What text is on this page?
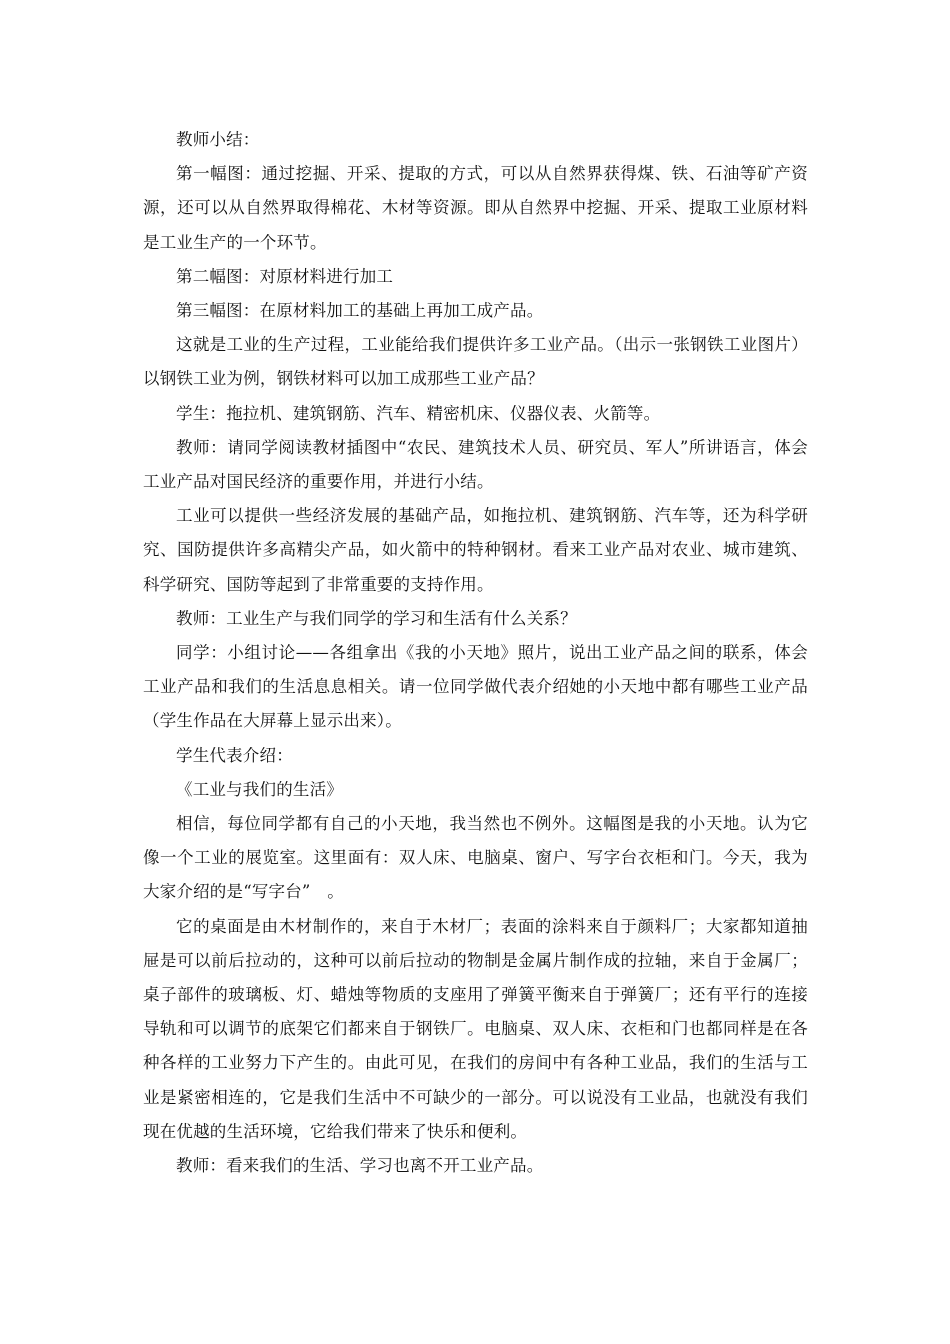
教师小结：

第一幅图：通过挖掘、开采、提取的方式，可以从自然界获得煤、铁、石油等矿产资源，还可以从自然界取得棉花、木材等资源。即从自然界中挖掘、开采、提取工业原材料是工业生产的一个环节。

第二幅图：对原材料进行加工

第三幅图：在原材料加工的基础上再加工成产品。

这就是工业的生产过程，工业能给我们提供许多工业产品。（出示一张钢铁工业图片）以钢铁工业为例，钢铁材料可以加工成那些工业产品？

学生：拖拉机、建筑钢筋、汽车、精密机床、仪器仪表、火箭等。

教师：请同学阅读教材插图中“农民、建筑技术人员、研究员、军人”所讲语言，体会工业产品对国民经济的重要作用，并进行小结。

工业可以提供一些经济发展的基础产品，如拖拉机、建筑钢筋、汽车等，还为科学研究、国防提供许多高精尖产品，如火箭中的特种钢材。看来工业产品对农业、城市建筑、科学研究、国防等起到了非常重要的支持作用。

教师：工业生产与我们同学的学习和生活有什么关系？

同学：小组讨论——各组拿出《我的小天地》照片，说出工业产品之间的联系，体会工业产品和我们的生活息息相关。请一位同学做代表介绍她的小天地中都有哪些工业产品（学生作品在大屏幕上显示出来）。

学生代表介绍：

《工业与我们的生活》

相信，每位同学都有自己的小天地，我当然也不例外。这幅图是我的小天地。认为它像一个工业的展览室。这里面有：双人床、电脑桌、窗户、写字台衣柜和门。今天，我为大家介绍的是“写字台”　。

它的桌面是由木材制作的，来自于木材厂；表面的涂料来自于颜料厂；大家都知道抽屉是可以前后拉动的，这种可以前后拉动的物制是金属片制作成的拉轴，来自于金属厂；桌子部件的玻璃板、灯、蜡烛等物质的支座用了弹簧平衡来自于弹簧厂；还有平行的连接导轨和可以调节的底架它们都来自于钢铁厂。电脑桌、双人床、衣柜和门也都同样是在各种各样的工业努力下产生的。由此可见，在我们的房间中有各种工业品，我们的生活与工业是紧密相连的，它是我们生活中不可缺少的一部分。可以说没有工业品，也就没有我们现在优越的生活环境，它给我们带来了快乐和便利。

教师：看来我们的生活、学习也离不开工业产品。
